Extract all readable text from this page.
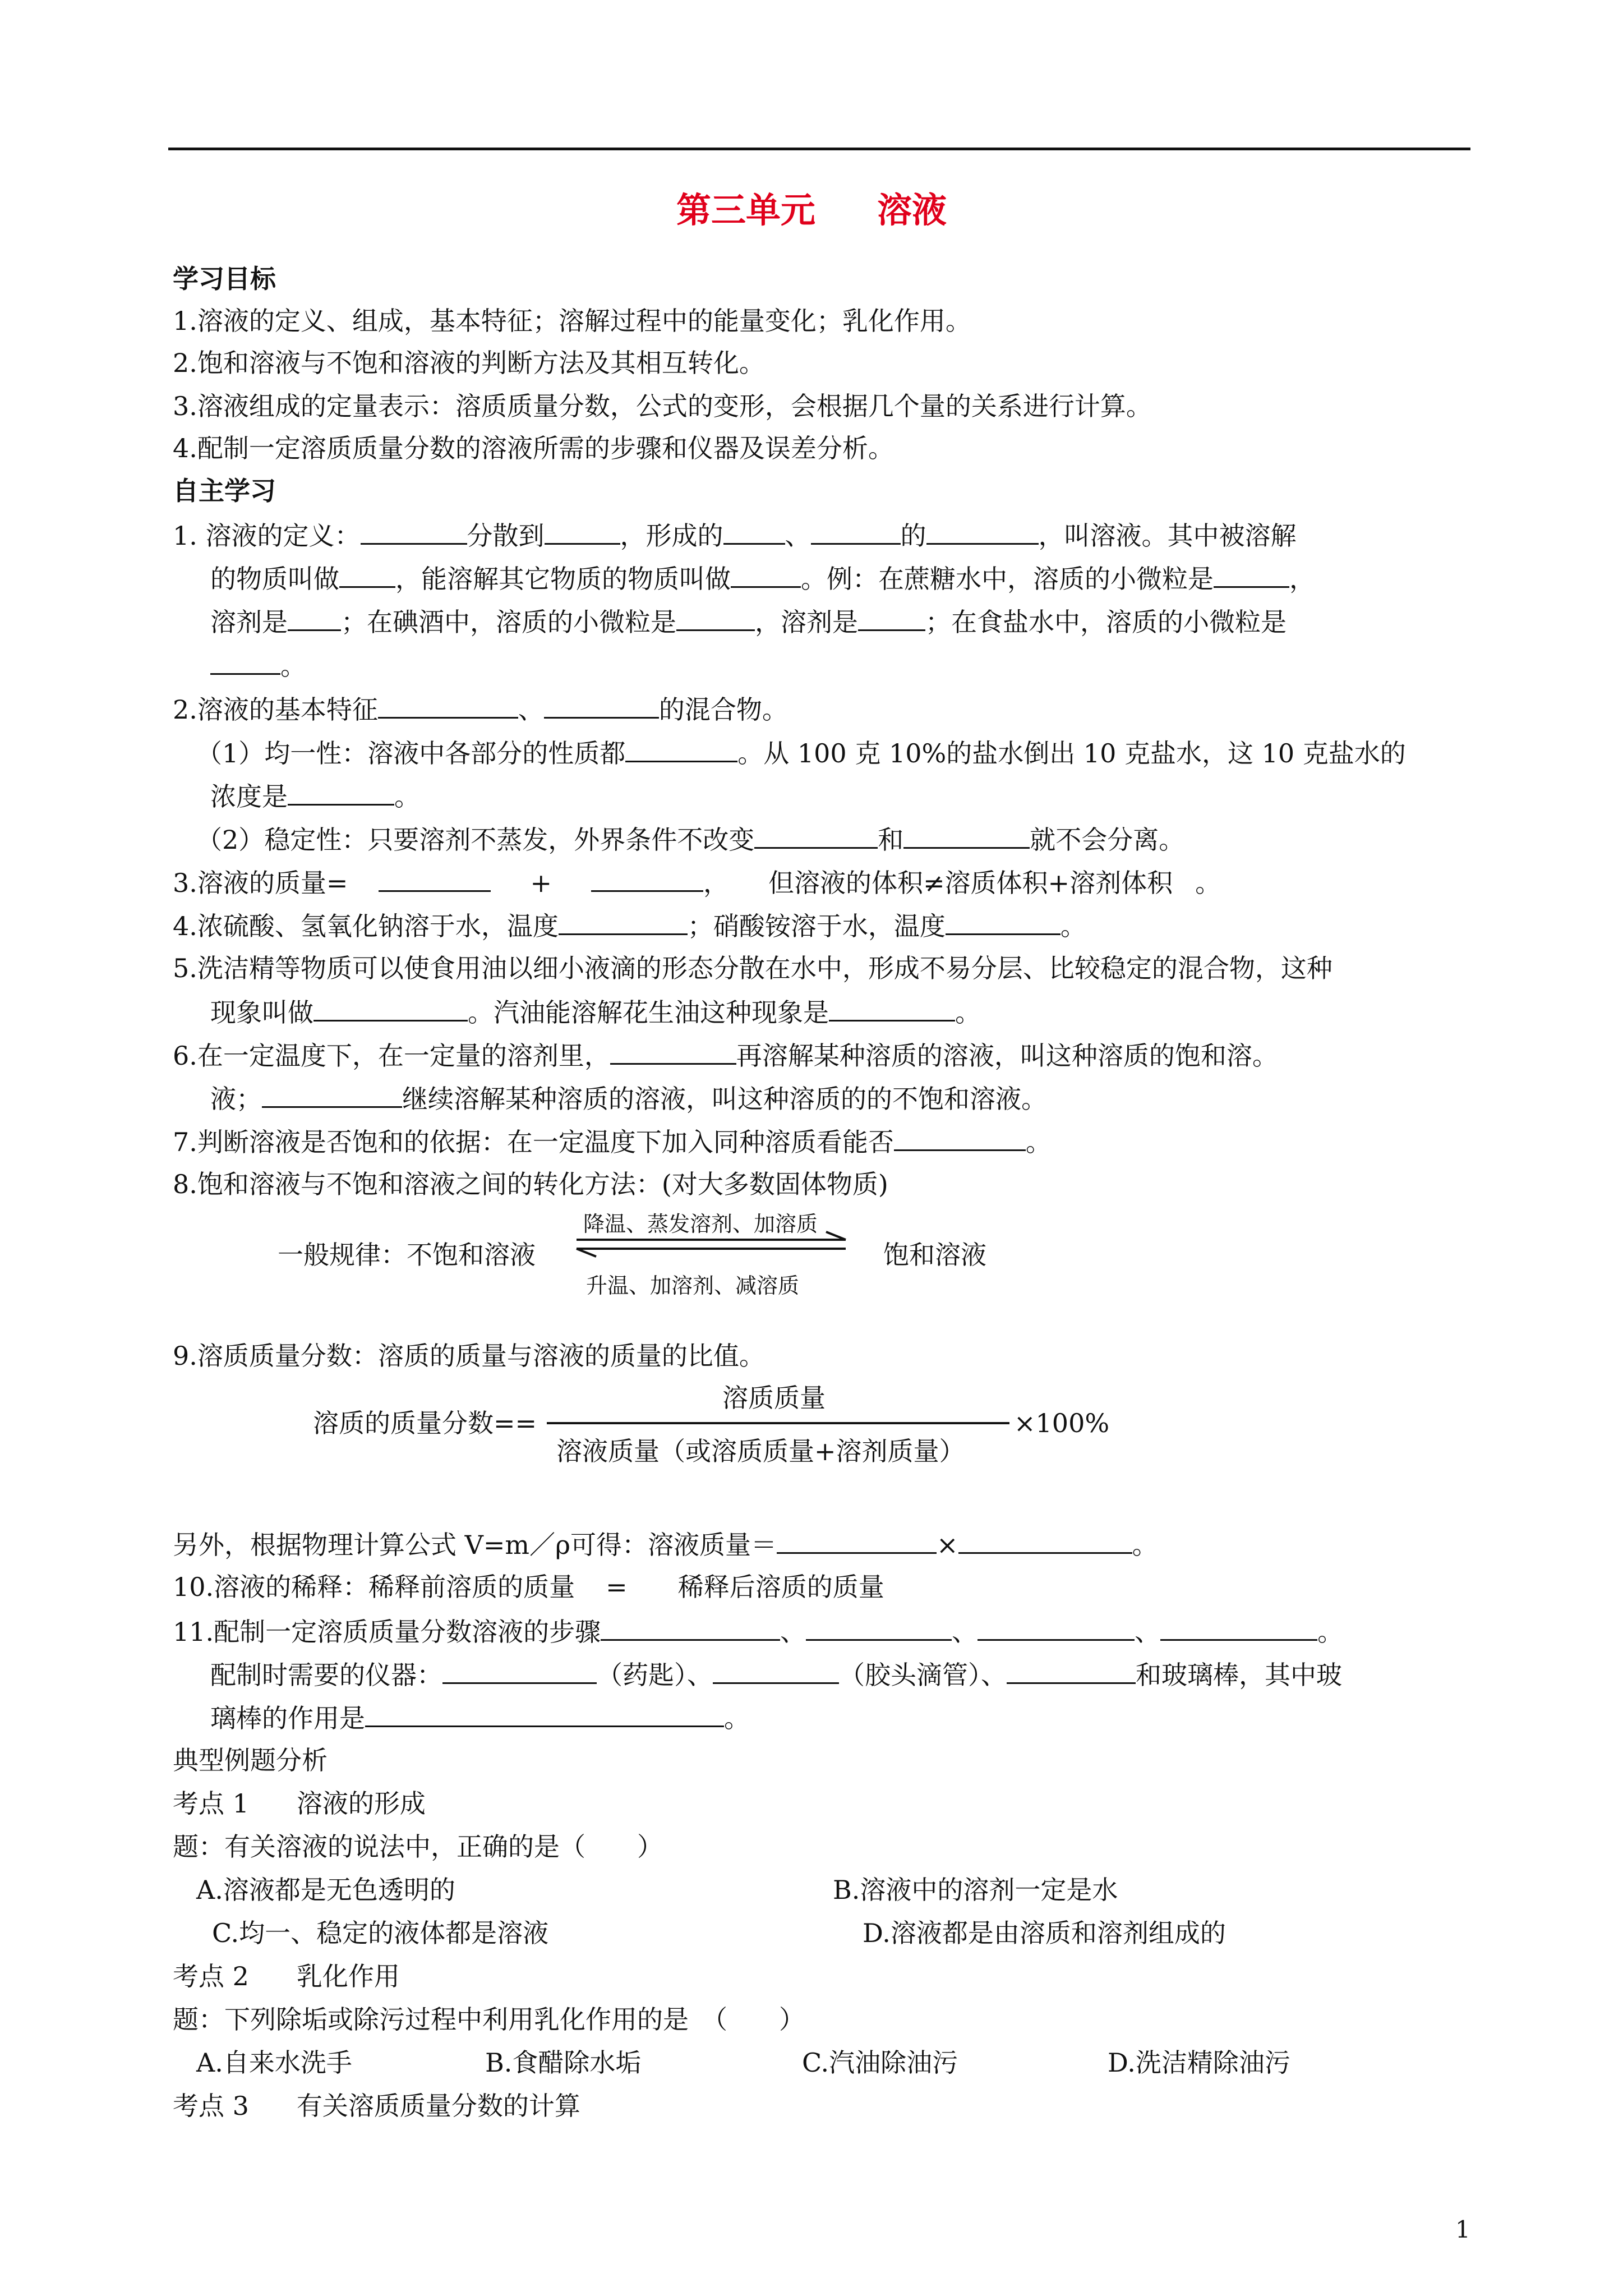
第三单元 溶液
学习目标
1.溶液的定义、组成，基本特征；溶解过程中的能量变化；乳化作用。
2.饱和溶液与不饱和溶液的判断方法及其相互转化。
3.溶液组成的定量表示：溶质质量分数，公式的变形，会根据几个量的关系进行计算。
4.配制一定溶质质量分数的溶液所需的步骤和仪器及误差分析。
自主学习
1. 溶液的定义：	分散到	，形成的 、	的	，叫溶液。其中被溶解
的物质叫做 ，能溶解其它物质的物质叫做	。例：在蔗糖水中，溶质的小微粒是	，
溶剂是 ；在碘酒中，溶质的小微粒是	，溶剂是	；在食盐水中，溶质的小微粒是
。
2.溶液的基本特征	、	的混合物。
（1）均一性：溶液中各部分的性质都	。从 100 克 10%的盐水倒出 10 克盐水，这 10 克盐水的
浓度是	。
（2）稳定性：只要溶剂不蒸发，外界条件不改变	和	就不会分离。
3.溶液的质量=	+	， 但溶液的体积≠溶质体积+溶剂体积 。
4.浓硫酸、氢氧化钠溶于水，温度	；硝酸铵溶于水，温度	。
5.洗洁精等物质可以使食用油以细小液滴的形态分散在水中，形成不易分层、比较稳定的混合物，这种
现象叫做	。汽油能溶解花生油这种现象是	。
6.在一定温度下，在一定量的溶剂里，	再溶解某种溶质的溶液，叫这种溶质的饱和溶。
液；	继续溶解某种溶质的溶液，叫这种溶质的的不饱和溶液。
7.判断溶液是否饱和的依据：在一定温度下加入同种溶质看能否	。
8.饱和溶液与不饱和溶液之间的转化方法：(对大多数固体物质)
一般规律：不饱和溶液
降温、蒸发溶剂、加溶质
饱和溶液
升温、加溶剂、减溶质
9.溶质质量分数：溶质的质量与溶液的质量的比值。
溶质的质量分数==
溶质质量
溶液质量（或溶质质量+溶剂质量）
×100%
另外，根据物理计算公式 V=m／ρ可得：溶液质量＝	×	。
10.溶液的稀释：稀释前溶质的质量 = 稀释后溶质的质量
11.配制一定溶质质量分数溶液的步骤	、	、	、	。
配制时需要的仪器：	（药匙）、	（胶头滴管）、	和玻璃棒，其中玻
璃棒的作用是	。
典型例题分析
考点 1 溶液的形成
题：有关溶液的说法中，正确的是（　　）
A.溶液都是无色透明的	B.溶液中的溶剂一定是水
C.均一、稳定的液体都是溶液	D.溶液都是由溶质和溶剂组成的
考点 2 乳化作用
题：下列除垢或除污过程中利用乳化作用的是　（　　）
A.自来水洗手	B.食醋除水垢	C.汽油除油污	D.洗洁精除油污
考点 3 有关溶质质量分数的计算
1
